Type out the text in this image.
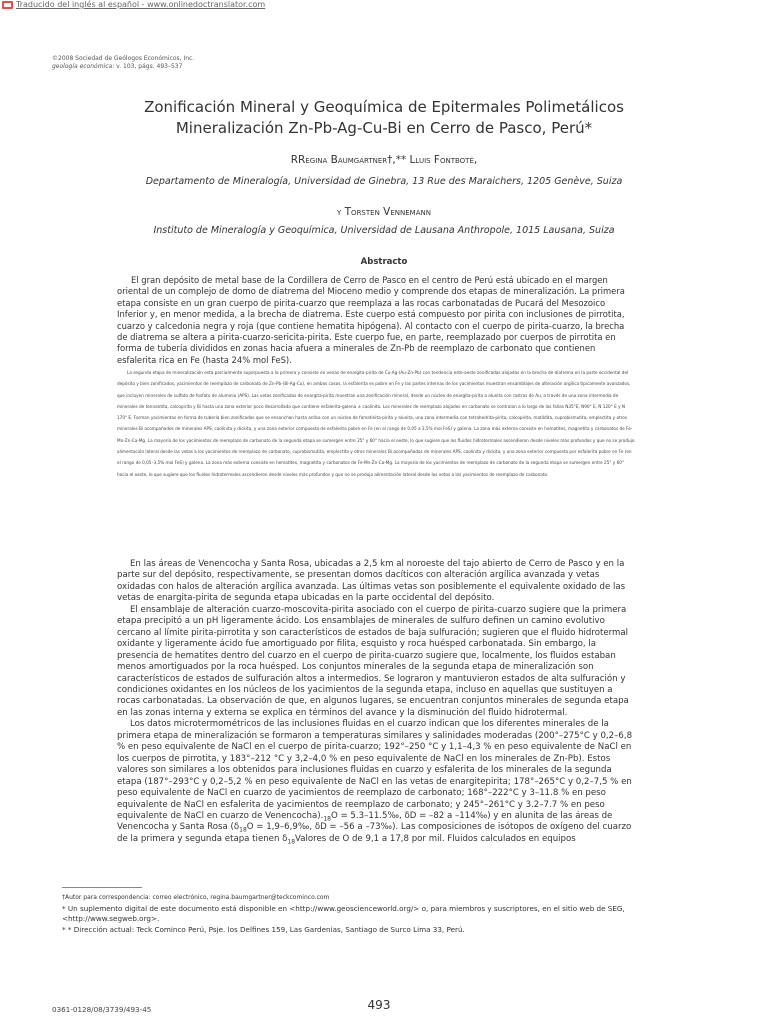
Traducido del inglés al español - www.onlinedoctranslator.com
©2008 Sociedad de Geólogos Económicos, Inc.
geología económica: v. 103, págs. 493–537
Zonificación Mineral y Geoquímica de Epitermales Polimetálicos
Mineralización Zn-Pb-Ag-Cu-Bi en Cerro de Pasco, Perú*
RRegina Baumgartner†,** Lluis Fontboté,
Departamento de Mineralogía, Universidad de Ginebra, 13 Rue des Maraichers, 1205 Genève, Suiza
y Torsten Vennemann
Instituto de Mineralogía y Geoquímica, Universidad de Lausana Anthropole, 1015 Lausana, Suiza
Abstracto

El gran depósito de metal base de la Cordillera de Cerro de Pasco en el centro de Perú está ubicado en el margen oriental de un complejo de domo de diatrema del Mioceno medio y comprende dos etapas de mineralización. La primera etapa consiste en un gran cuerpo de pirita-cuarzo que reemplaza a las rocas carbonatadas de Pucará del Mesozoico Inferior y, en menor medida, a la brecha de diatrema. Este cuerpo está compuesto por pirita con inclusiones de pirrotita, cuarzo y calcedonia negra y roja (que contiene hematita hipógena). Al contacto con el cuerpo de pirita-cuarzo, la brecha de diatrema se altera a pirita-cuarzo-sericita-pirita. Este cuerpo fue, en parte, reemplazado por cuerpos de pirrotita en forma de tubería divididos en zonas hacia afuera a minerales de Zn-Pb de reemplazo de carbonato que contienen esfalerita rica en Fe (hasta 24% mol FeS).

La segunda etapa de mineralización está parcialmente superpuesta a la primera y consiste en venas de enargita-pirita de Cu-Ag-(Au-Zn-Pb) con tendencia este-oeste zonificadas alojadas en la brecha de diatrema en la parte occidental del depósito y bien zonificados, yacimientos de reemplazo de carbonato de Zn-Pb-(Bi-Ag-Cu), en ambos casos, la esfalerita es pobre en Fe y las partes internas de los yacimientos muestran ensamblajes de alteración argílica típicamente avanzados, que incluyen minerales de sulfato de fosfato de aluminio (APS). Las vetas zonificadas de enargita-pirita muestran una zonificación mineral, desde un núcleo de enargita-pirita a alunita con rastros de Au, a través de una zona intermedia de minerales de tennantita, calcopirita y Bi hasta una zona exterior poco desarrollada que contiene esfalerita-galena ± caolinita. Los minerales de reemplazo alojados en carbonato se controlan a lo largo de las fallas N35°E, N90° E, N 120° E y N 170° E. Forman yacimientos en forma de tubería bien zonificados que se ensanchan hasta arriba con un núcleo de famatinita-pirita y alunita, una zona intermedia con tetrahedrita-pirita, calcopirita, matildita, cuprobismutita, emplectita y otros minerales Bi acompañados de minerales APS, caolinita y dickita, y una zona exterior compuesta de esfalerita pobre en Fe (en el rango de 0,05 a 3,5% mol FeS) y galena. La zona más externa consiste en hematites, magnetita y carbonatos de Fe-Mn-Zn-Ca-Mg. La mayoría de los yacimientos de reemplazo de carbonato de la segunda etapa se sumergen entre 25° y 60° hacia el oeste, lo que sugiere que los fluidos hidrotermales ascendieron desde niveles más profundos y que no se produjo alimentación lateral desde las vetas a los yacimientos de reemplazo de carbonato, cuprobismutita, emplectita y otros minerales Bi acompañados de minerales APS, caolinita y dickita, y una zona exterior compuesta por esfalerita pobre en Fe (en el rango de 0,05–3,5% mol FeS) y galena. La zona más externa consiste en hematites, magnetita y carbonatos de Fe-Mn-Zn-Ca-Mg. La mayoría de los yacimientos de reemplazo de carbonato de la segunda etapa se sumergen entre 25° y 60° hacia el oeste, lo que sugiere que los fluidos hidrotermales ascendieron desde niveles más profundos y que no se produjo alimentación lateral desde las vetas a los yacimientos de reemplazo de carbonato.

En las áreas de Venencocha y Santa Rosa, ubicadas a 2,5 km al noroeste del tajo abierto de Cerro de Pasco y en la parte sur del depósito, respectivamente, se presentan domos dacíticos con alteración argílica avanzada y vetas oxidadas con halos de alteración argílica avanzada. Las últimas vetas son posiblemente el equivalente oxidado de las vetas de enargita-pirita de segunda etapa ubicadas en la parte occidental del depósito.

El ensamblaje de alteración cuarzo-moscovita-pirita asociado con el cuerpo de pirita-cuarzo sugiere que la primera etapa precipitó a un pH ligeramente ácido. Los ensamblajes de minerales de sulfuro definen un camino evolutivo cercano al límite pirita-pirrotita y son característicos de estados de baja sulfuración; sugieren que el fluido hidrotermal oxidante y ligeramente ácido fue amortiguado por filita, esquisto y roca huésped carbonatada. Sin embargo, la presencia de hematites dentro del cuarzo en el cuerpo de pirita-cuarzo sugiere que, localmente, los fluidos estaban menos amortiguados por la roca huésped. Los conjuntos minerales de la segunda etapa de mineralización son característicos de estados de sulfuración altos a intermedios. Se lograron y mantuvieron estados de alta sulfuración y condiciones oxidantes en los núcleos de los yacimientos de la segunda etapa, incluso en aquellas que sustituyen a rocas carbonatadas. La observación de que, en algunos lugares, se encuentran conjuntos minerales de segunda etapa en las zonas interna y externa se explica en términos del avance y la disminución del fluido hidrotermal.

Los datos microtermométricos de las inclusiones fluidas en el cuarzo indican que los diferentes minerales de la primera etapa de mineralización se formaron a temperaturas similares y salinidades moderadas (200°–275°C y 0,2–6,8 % en peso equivalente de NaCl en el cuerpo de pirita-cuarzo; 192°–250 °C y 1,1–4,3 % en peso equivalente de NaCl en los cuerpos de pirrotita, y 183°–212 °C y 3,2–4,0 % en peso equivalente de NaCl en los minerales de Zn-Pb). Estos valores son similares a los obtenidos para inclusiones fluidas en cuarzo y esfalerita de los minerales de la segunda etapa (187°–293°C y 0,2–5,2 % en peso equivalente de NaCl en las vetas de enargitepirita; 178°–265°C y 0,2–7,5 % en peso equivalente de NaCl en cuarzo de yacimientos de reemplazo de carbonato; 168°–222°C y 3–11.8 % en peso equivalente de NaCl en esfalerita de yacimientos de reemplazo de carbonato; y 245°–261°C y 3.2–7.7 % en peso equivalente de NaCl en cuarzo de $Venencocha)._{18}O$ = 5.3–11.5‰, δD = –82 a –114‰) y en alunita de las áreas de Venencocha y Santa Rosa ($\delta_{18}O$ = 1,9–6,9‰, δD = –56 a –73‰). Las composiciones de isótopos de oxígeno del cuarzo de la primera y segunda etapa tienen $\delta_{18}Valores$ de O de 9,1 a 17,8 por mil. Fluidos calculados en equipos

†Autor para correspondencia: correo electrónico, regina.baumgartner@teckcominco.com

* Un suplemento digital de este documento está disponible en <http://www.geoscienceworld.org/> o, para miembros y suscriptores, en el sitio web de SEG, <http://www.segweb.org>.

* * Dirección actual: Teck Cominco Perú, Psje. los Delfines 159, Las Gardenias, Santiago de Surco Lima 33, Perú.

0361-0128/08/3739/493-45	493
